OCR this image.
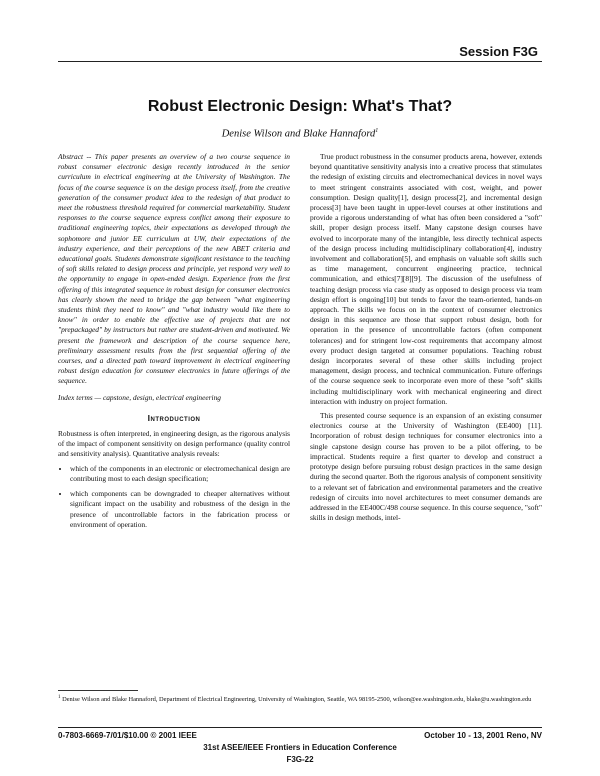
Session F3G
Robust Electronic Design: What's That?
Denise Wilson and Blake Hannaford$^1$

Abstract -- This paper presents an overview of a two course sequence in robust consumer electronic design recently introduced in the senior curriculum in electrical engineering at the University of Washington. The focus of the course sequence is on the design process itself, from the creative generation of the consumer product idea to the redesign of that product to meet the robustness threshold required for commercial marketability. Student responses to the course sequence express conflict among their exposure to traditional engineering topics, their expectations as developed through the sophomore and junior EE curriculum at UW, their expectations of the industry experience, and their perceptions of the new ABET criteria and educational goals. Students demonstrate significant resistance to the teaching of soft skills related to design process and principle, yet respond very well to the opportunity to engage in open-ended design. Experience from the first offering of this integrated sequence in robust design for consumer electronics has clearly shown the need to bridge the gap between "what engineering students think they need to know" and "what industry would like them to know" in order to enable the effective use of projects that are not "prepackaged" by instructors but rather are student-driven and motivated. We present the framework and description of the course sequence here, preliminary assessment results from the first sequential offering of the courses, and a directed path toward improvement in electrical engineering robust design education for consumer electronics in future offerings of the sequence.

Index terms — capstone, design, electrical engineering

Introduction

Robustness is often interpreted, in engineering design, as the rigorous analysis of the impact of component sensitivity on design performance (quality control and sensitivity analysis). Quantitative analysis reveals:

• which of the components in an electronic or electromechanical design are contributing most to each design specification;
• which components can be downgraded to cheaper alternatives without significant impact on the usability and robustness of the design in the presence of uncontrollable factors in the fabrication process or environment of operation.

True product robustness in the consumer products arena, however, extends beyond quantitative sensitivity analysis into a creative process that stimulates the redesign of existing circuits and electromechanical devices in novel ways to meet stringent constraints associated with cost, weight, and power consumption. Design quality[1], design process[2], and incremental design process[3] have been taught in upper-level courses at other institutions and provide a rigorous understanding of what has often been considered a "soft" skill, proper design process itself. Many capstone design courses have evolved to incorporate many of the intangible, less directly technical aspects of the design process including multidisciplinary collaboration[4], industry involvement and collaboration[5], and emphasis on valuable soft skills such as time management, concurrent engineering practice, technical communication, and ethics[7][8][9]. The discussion of the usefulness of teaching design process via case study as opposed to design process via team design effort is ongoing[10] but tends to favor the team-oriented, hands-on approach. The skills we focus on in the context of consumer electronics design in this sequence are those that support robust design, both for operation in the presence of uncontrollable factors (often component tolerances) and for stringent low-cost requirements that accompany almost every product design targeted at consumer populations. Teaching robust design incorporates several of these other skills including project management, design process, and technical communication. Future offerings of the course sequence seek to incorporate even more of these "soft" skills including multidisciplinary work with mechanical engineering and direct interaction with industry on project formation.

This presented course sequence is an expansion of an existing consumer electronics course at the University of Washington (EE400) [11]. Incorporation of robust design techniques for consumer electronics into a single capstone design course has proven to be a pilot offering, to be impractical. Students require a first quarter to develop and construct a prototype design before pursuing robust design practices in the same design during the second quarter. Both the rigorous analysis of component sensitivity to a relevant set of fabrication and environmental parameters and the creative redesign of circuits into novel architectures to meet consumer demands are addressed in the EE400C/498 course sequence. In this course sequence, "soft" skills in design methods, intel-

$^1$ Denise Wilson and Blake Hannaford, Department of Electrical Engineering, University of Washington, Seattle, WA 98195-2500, wilson@ee.washington.edu, blake@u.washington.edu
0-7803-6669-7/01/$10.00 © 2001 IEEE	October 10 - 13, 2001 Reno, NV
31st ASEE/IEEE Frontiers in Education Conference
F3G-22
